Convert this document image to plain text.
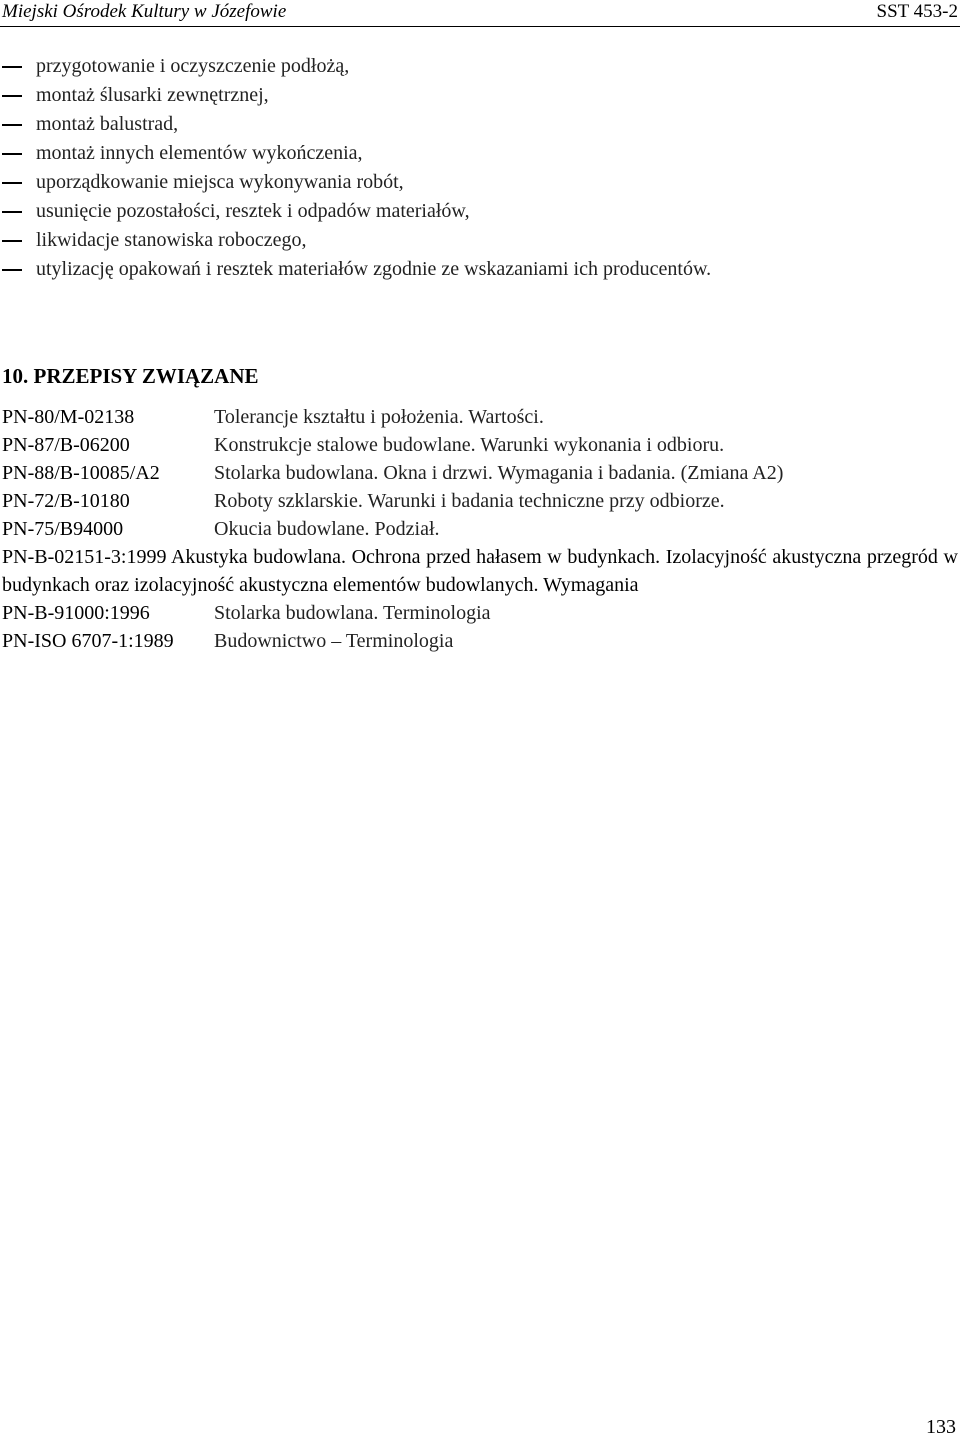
Miejski Ośrodek Kultury w Józefowie	SST 453-2
przygotowanie i oczyszczenie podłożą,
montaż ślusarki zewnętrznej,
montaż balustrad,
montaż innych elementów wykończenia,
uporządkowanie miejsca wykonywania robót,
usunięcie pozostałości, resztek i odpadów materiałów,
likwidacje stanowiska roboczego,
utylizację opakowań i resztek materiałów zgodnie ze wskazaniami ich producentów.
10. PRZEPISY ZWIĄZANE
PN-80/M-02138	Tolerancje kształtu i położenia. Wartości.
PN-87/B-06200	Konstrukcje stalowe budowlane. Warunki wykonania i odbioru.
PN-88/B-10085/A2	Stolarka budowlana. Okna i drzwi. Wymagania i badania. (Zmiana A2)
PN-72/B-10180	Roboty szklarskie. Warunki i badania techniczne przy odbiorze.
PN-75/B94000	Okucia budowlane. Podział.
PN-B-02151-3:1999 Akustyka budowlana. Ochrona przed hałasem w budynkach. Izolacyjność akustyczna przegród w budynkach oraz izolacyjność akustyczna elementów budowlanych. Wymagania
PN-B-91000:1996	Stolarka budowlana. Terminologia
PN-ISO 6707-1:1989 Budownictwo – Terminologia
133
